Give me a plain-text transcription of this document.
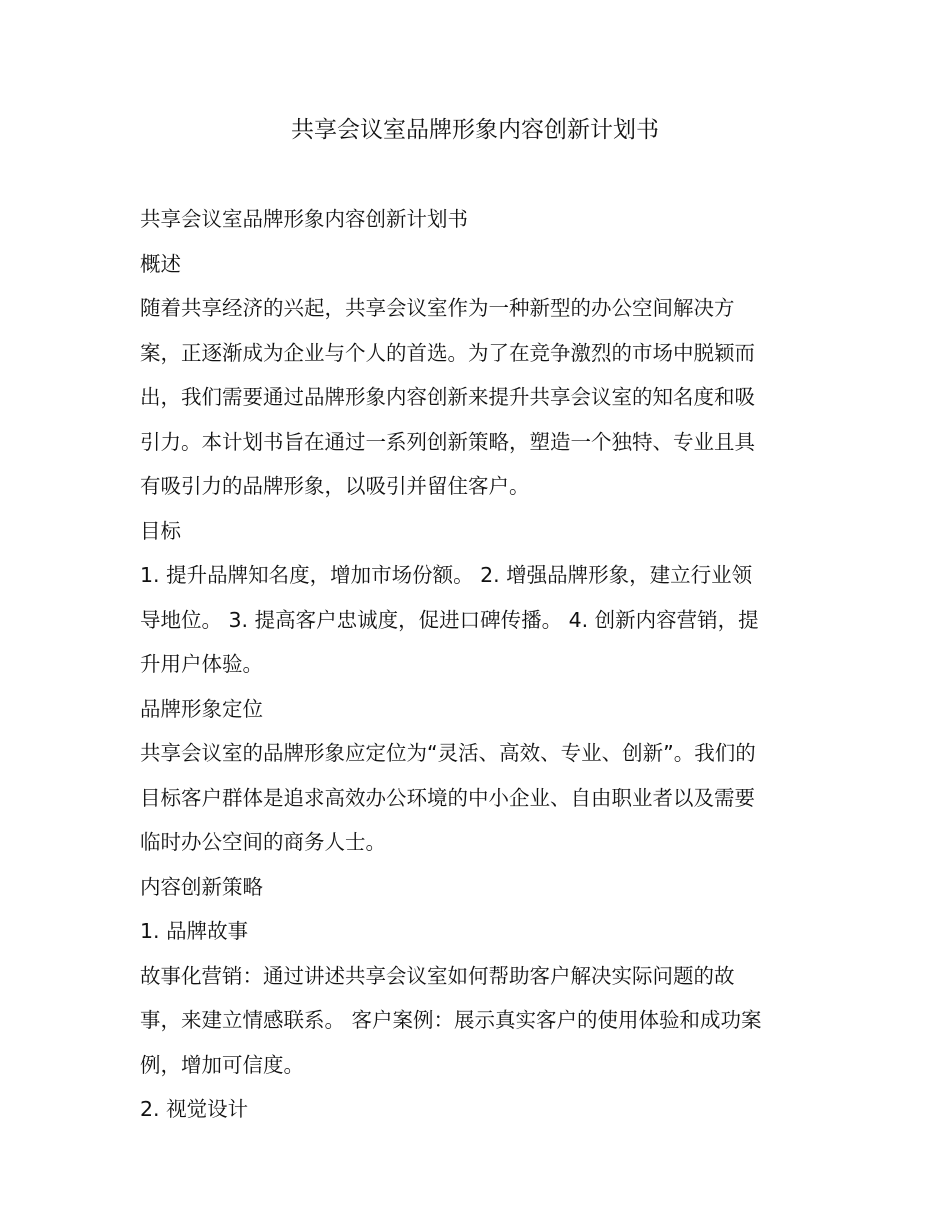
共享会议室品牌形象内容创新计划书
共享会议室品牌形象内容创新计划书
概述
随着共享经济的兴起，共享会议室作为一种新型的办公空间解决方
案，正逐渐成为企业与个人的首选。为了在竞争激烈的市场中脱颖而
出，我们需要通过品牌形象内容创新来提升共享会议室的知名度和吸
引力。本计划书旨在通过一系列创新策略，塑造一个独特、专业且具
有吸引力的品牌形象，以吸引并留住客户。
目标
1. 提升品牌知名度，增加市场份额。 2. 增强品牌形象，建立行业领
导地位。 3. 提高客户忠诚度，促进口碑传播。 4. 创新内容营销，提
升用户体验。
品牌形象定位
共享会议室的品牌形象应定位为“灵活、高效、专业、创新”。我们的
目标客户群体是追求高效办公环境的中小企业、自由职业者以及需要
临时办公空间的商务人士。
内容创新策略
1. 品牌故事
故事化营销：通过讲述共享会议室如何帮助客户解决实际问题的故
事，来建立情感联系。 客户案例：展示真实客户的使用体验和成功案
例，增加可信度。
2. 视觉设计
